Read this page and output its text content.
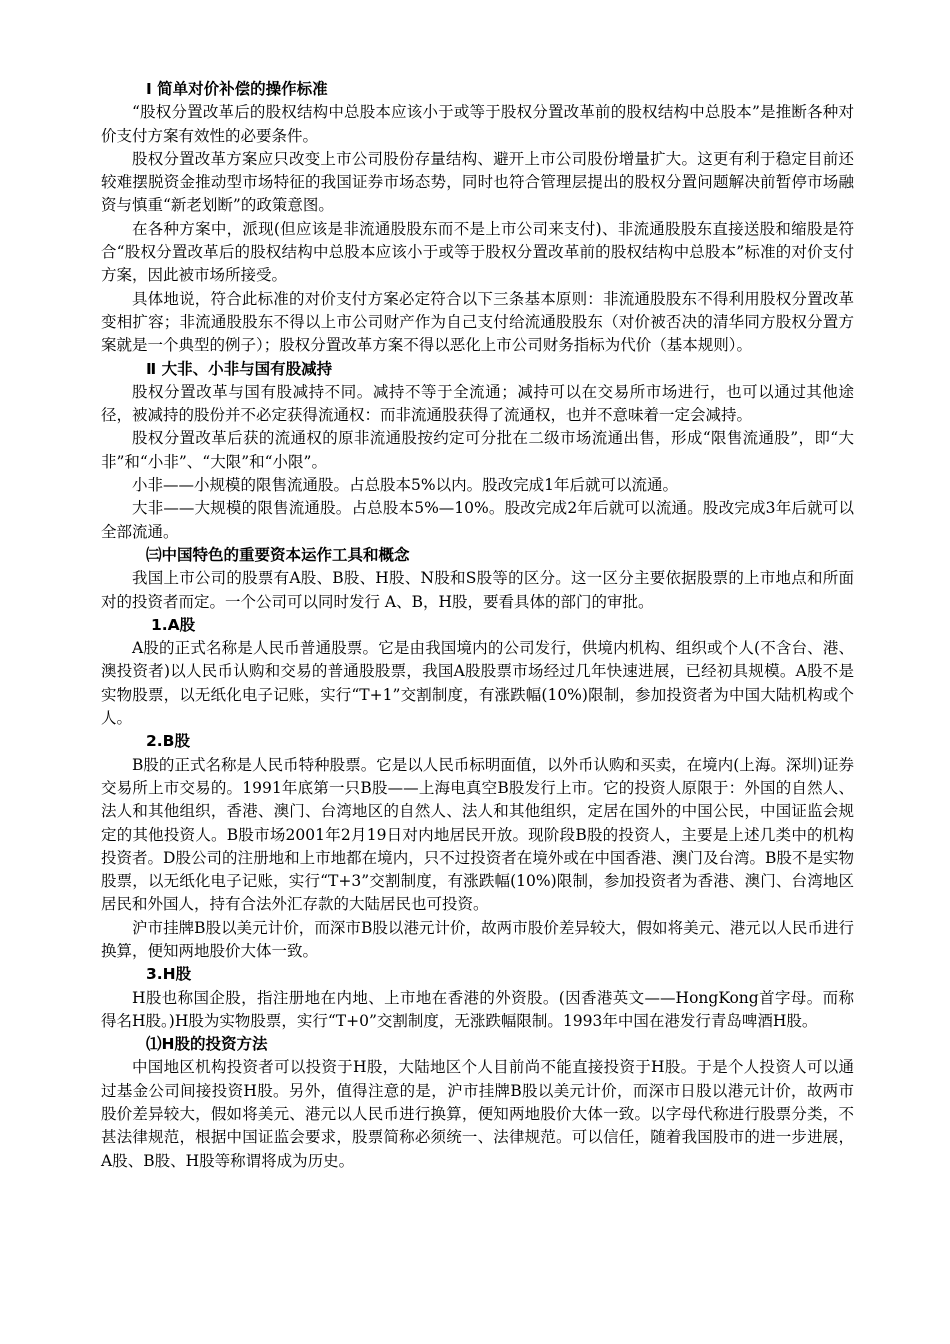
Ⅰ 简单对价补偿的操作标准

“股权分置改革后的股权结构中总股本应该小于或等于股权分置改革前的股权结构中总股本”是推断各种对价支付方案有效性的必要条件。

股权分置改革方案应只改变上市公司股份存量结构、避开上市公司股份增量扩大。这更有利于稳定目前还较难摆脱资金推动型市场特征的我国证券市场态势，同时也符合管理层提出的股权分置问题解决前暂停市场融资与慎重“新老划断”的政策意图。

在各种方案中，派现(但应该是非流通股股东而不是上市公司来支付)、非流通股股东直接送股和缩股是符合“股权分置改革后的股权结构中总股本应该小于或等于股权分置改革前的股权结构中总股本”标准的对价支付方案，因此被市场所接受。

具体地说，符合此标准的对价支付方案必定符合以下三条基本原则：非流通股股东不得利用股权分置改革变相扩容；非流通股股东不得以上市公司财产作为自己支付给流通股股东（对价被否决的清华同方股权分置方案就是一个典型的例子）；股权分置改革方案不得以恶化上市公司财务指标为代价（基本规则）。

Ⅱ 大非、小非与国有股减持

股权分置改革与国有股减持不同。减持不等于全流通；减持可以在交易所市场进行，也可以通过其他途径，被减持的股份并不必定获得流通权：而非流通股获得了流通权，也并不意味着一定会减持。

股权分置改革后获的流通权的原非流通股按约定可分批在二级市场流通出售，形成“限售流通股”，即“大非”和“小非”、“大限”和“小限”。

小非——小规模的限售流通股。占总股本5%以内。股改完成1年后就可以流通。

大非——大规模的限售流通股。占总股本5%—10%。股改完成2年后就可以流通。股改完成3年后就可以全部流通。

㈢中国特色的重要资本运作工具和概念

我国上市公司的股票有A股、B股、H股、N股和S股等的区分。这一区分主要依据股票的上市地点和所面对的投资者而定。一个公司可以同时发行 A、B，H股，要看具体的部门的审批。

1.A股

A股的正式名称是人民币普通股票。它是由我国境内的公司发行，供境内机构、组织或个人(不含台、港、澳投资者)以人民币认购和交易的普通股股票，我国A股股票市场经过几年快速进展，已经初具规模。A股不是实物股票，以无纸化电子记账，实行“T+1”交割制度，有涨跌幅(10%)限制，参加投资者为中国大陆机构或个人。

2.B股

B股的正式名称是人民币特种股票。它是以人民币标明面值，以外币认购和买卖，在境内(上海。深圳)证券交易所上市交易的。1991年底第一只B股——上海电真空B股发行上市。它的投资人原限于：外国的自然人、法人和其他组织，香港、澳门、台湾地区的自然人、法人和其他组织，定居在国外的中国公民，中国证监会规定的其他投资人。B股市场2001年2月19日对内地居民开放。现阶段B股的投资人，主要是上述几类中的机构投资者。D股公司的注册地和上市地都在境内，只不过投资者在境外或在中国香港、澳门及台湾。B股不是实物股票，以无纸化电子记账，实行“T+3”交割制度，有涨跌幅(10%)限制，参加投资者为香港、澳门、台湾地区居民和外国人，持有合法外汇存款的大陆居民也可投资。

沪市挂牌B股以美元计价，而深市B股以港元计价，故两市股价差异较大，假如将美元、港元以人民币进行换算，便知两地股价大体一致。

3.H股

H股也称国企股，指注册地在内地、上市地在香港的外资股。(因香港英文——HongKong首字母。而称得名H股。)H股为实物股票，实行“T+0”交割制度，无涨跌幅限制。1993年中国在港发行青岛啤酒H股。

⑴H股的投资方法

中国地区机构投资者可以投资于H股，大陆地区个人目前尚不能直接投资于H股。于是个人投资人可以通过基金公司间接投资H股。另外，值得注意的是，沪市挂牌B股以美元计价，而深市日股以港元计价，故两市股价差异较大，假如将美元、港元以人民币进行换算，便知两地股价大体一致。以字母代称进行股票分类，不甚法律规范，根据中国证监会要求，股票简称必须统一、法律规范。可以信任，随着我国股市的进一步进展，A股、B股、H股等称谓将成为历史。
